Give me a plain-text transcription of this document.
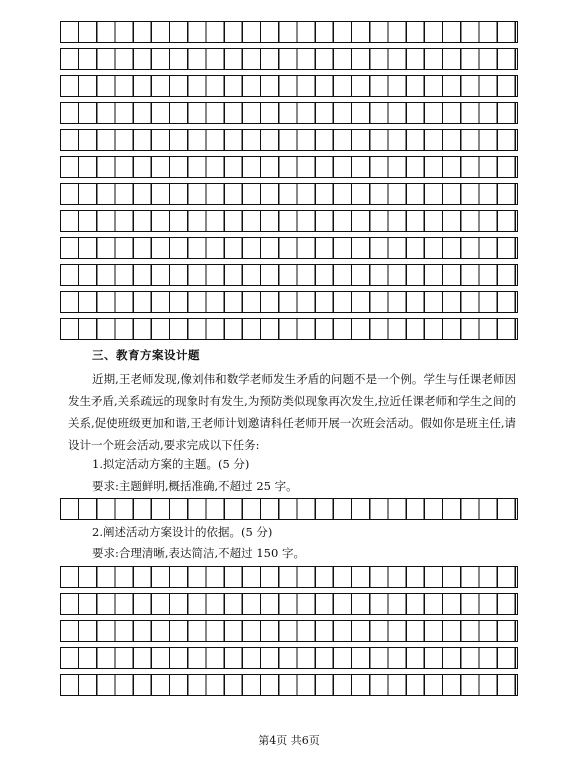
三、教育方案设计题
近期,王老师发现,像刘伟和数学老师发生矛盾的问题不是一个例。学生与任课老师因发生矛盾,关系疏远的现象时有发生,为预防类似现象再次发生,拉近任课老师和学生之间的关系,促使班级更加和谐,王老师计划邀请科任老师开展一次班会活动。假如你是班主任,请设计一个班会活动,要求完成以下任务:
1.拟定活动方案的主题。(5 分)
要求:主题鲜明,概括准确,不超过 25 字。
2.阐述活动方案设计的依据。(5 分)
要求:合理清晰,表达简洁,不超过 150 字。
第4页 共6页
